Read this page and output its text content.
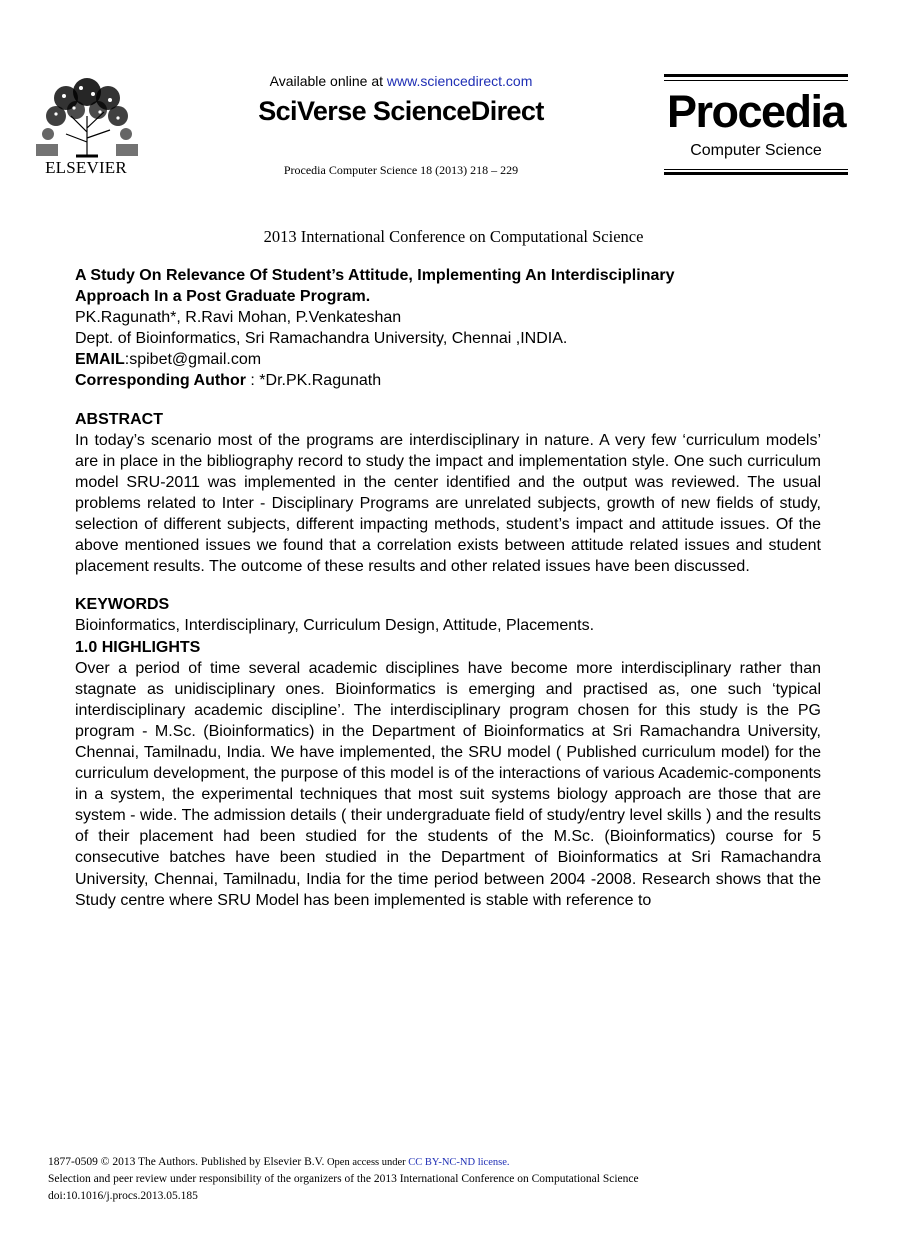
ELSEVIER
Available online at www.sciencedirect.com
SciVerse ScienceDirect
Procedia Computer Science 18 (2013) 218 – 229
Procedia
Computer Science
2013 International Conference on Computational Science

A Study On Relevance Of Student’s Attitude, Implementing An Interdisciplinary

Approach In a Post Graduate Program.

PK.Ragunath*, R.Ravi Mohan, P.Venkateshan

Dept. of Bioinformatics, Sri Ramachandra University, Chennai ,INDIA.

EMAIL:spibet@gmail.com

Corresponding Author : *Dr.PK.Ragunath

ABSTRACT

In today’s scenario most of the programs are interdisciplinary in nature. A very few ‘curriculum models’ are in place in the bibliography record to study the impact and implementation style. One such curriculum model SRU-2011 was implemented in the center identified and the output was reviewed. The usual problems related to Inter - Disciplinary Programs are unrelated subjects, growth of new fields of study, selection of different subjects, different impacting methods, student’s impact and attitude issues. Of the above mentioned issues we found that a correlation exists between attitude related issues and student placement results. The outcome of these results and other related issues have been discussed.

KEYWORDS

Bioinformatics, Interdisciplinary, Curriculum Design, Attitude, Placements.

1.0 HIGHLIGHTS

Over a period of time several academic disciplines have become more interdisciplinary rather than stagnate as unidisciplinary ones. Bioinformatics is emerging and practised as, one such ‘typical interdisciplinary academic discipline’. The interdisciplinary program chosen for this study is the PG program - M.Sc. (Bioinformatics) in the Department of Bioinformatics at Sri Ramachandra University, Chennai, Tamilnadu, India. We have implemented, the SRU model ( Published curriculum model) for the curriculum development, the purpose of this model is of the interactions of various Academic-components in a system, the experimental techniques that most suit systems biology approach are those that are system - wide. The admission details ( their undergraduate field of study/entry level skills ) and the results of their placement had been studied for the students of the M.Sc. (Bioinformatics) course for 5 consecutive batches have been studied in the Department of Bioinformatics at Sri Ramachandra University, Chennai, Tamilnadu, India for the time period between 2004 -2008. Research shows that the Study centre where SRU Model has been implemented is stable with reference to

1877-0509 © 2013 The Authors. Published by Elsevier B.V. Open access under CC BY-NC-ND license.
Selection and peer review under responsibility of the organizers of the 2013 International Conference on Computational Science
doi:10.1016/j.procs.2013.05.185
